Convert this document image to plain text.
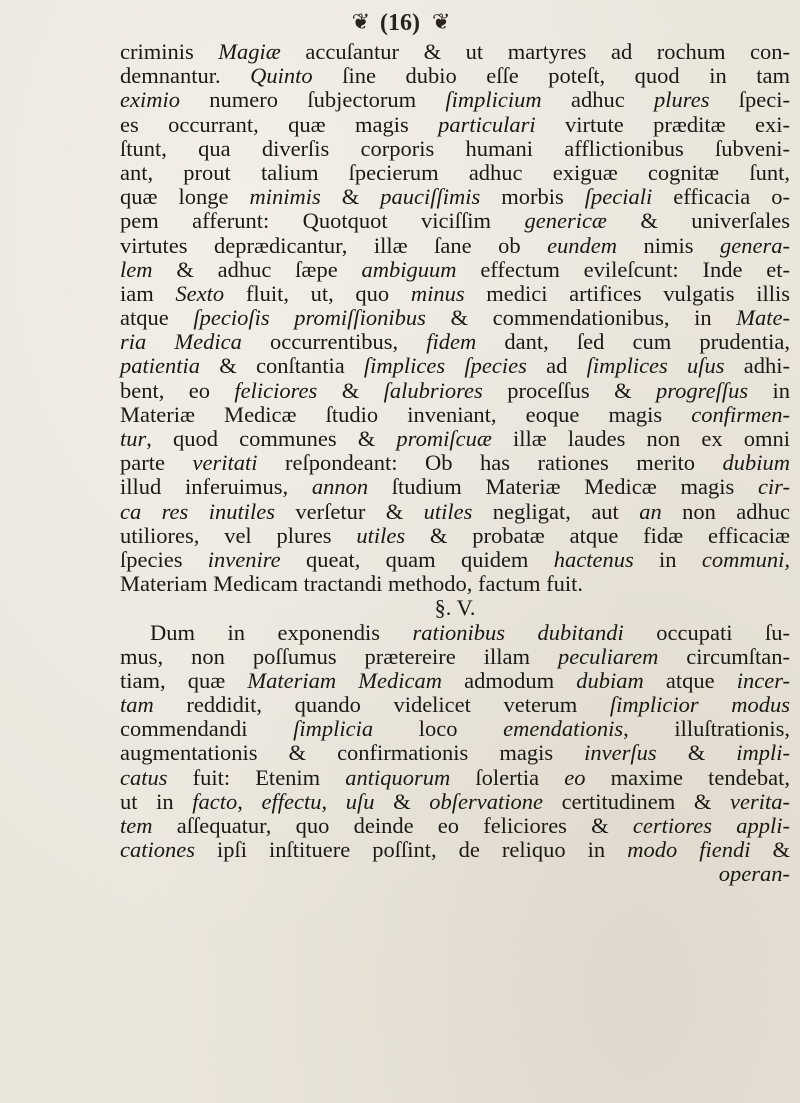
❦ (16) ❦
criminis Magiæ accuſantur & ut martyres ad rochum con-
demnantur. Quinto ſine dubio eſſe poteſt, quod in tam
eximio numero ſubjectorum ſimplicium adhuc plures ſpeci-
es occurrant, quæ magis particulari virtute præditæ exi-
ſtunt, qua diverſis corporis humani afflictionibus ſubveni-
ant, prout talium ſpecierum adhuc exiguæ cognitæ ſunt,
quæ longe minimis & pauciſſimis morbis ſpeciali efficacia o-
pem afferunt: Quotquot viciſſim genericæ & univerſales
virtutes deprædicantur, illæ ſane ob eundem nimis genera-
lem & adhuc ſæpe ambiguum effectum evileſcunt: Inde et-
iam Sexto fluit, ut, quo minus medici artifices vulgatis illis
atque ſpecioſis promiſſionibus & commendationibus, in Mate-
ria Medica occurrentibus, fidem dant, ſed cum prudentia,
patientia & conſtantia ſimplices ſpecies ad ſimplices uſus adhi-
bent, eo feliciores & ſalubriores proceſſus & progreſſus in
Materiæ Medicæ ſtudio inveniant, eoque magis confirmen-
tur, quod communes & promiſcuæ illæ laudes non ex omni
parte veritati reſpondeant: Ob has rationes merito dubium
illud inferuimus, annon ſtudium Materiæ Medicæ magis cir-
ca res inutiles verſetur & utiles negligat, aut an non adhuc
utiliores, vel plures utiles & probatæ atque fidæ efficaciæ
ſpecies invenire queat, quam quidem hactenus in communi,
Materiam Medicam tractandi methodo, factum fuit.
§. V.
Dum in exponendis rationibus dubitandi occupati ſu-
mus, non poſſumus prætereire illam peculiarem circumſtan-
tiam, quæ Materiam Medicam admodum dubiam atque incer-
tam reddidit, quando videlicet veterum ſimplicior modus
commendandi ſimplicia loco emendationis, illuſtrationis,
augmentationis & confirmationis magis inverſus & impli-
catus fuit: Etenim antiquorum ſolertia eo maxime tendebat,
ut in facto, effectu, uſu & obſervatione certitudinem & verita-
tem aſſequatur, quo deinde eo feliciores & certiores appli-
cationes ipſi inſtituere poſſint, de reliquo in modo fiendi &
operan-
